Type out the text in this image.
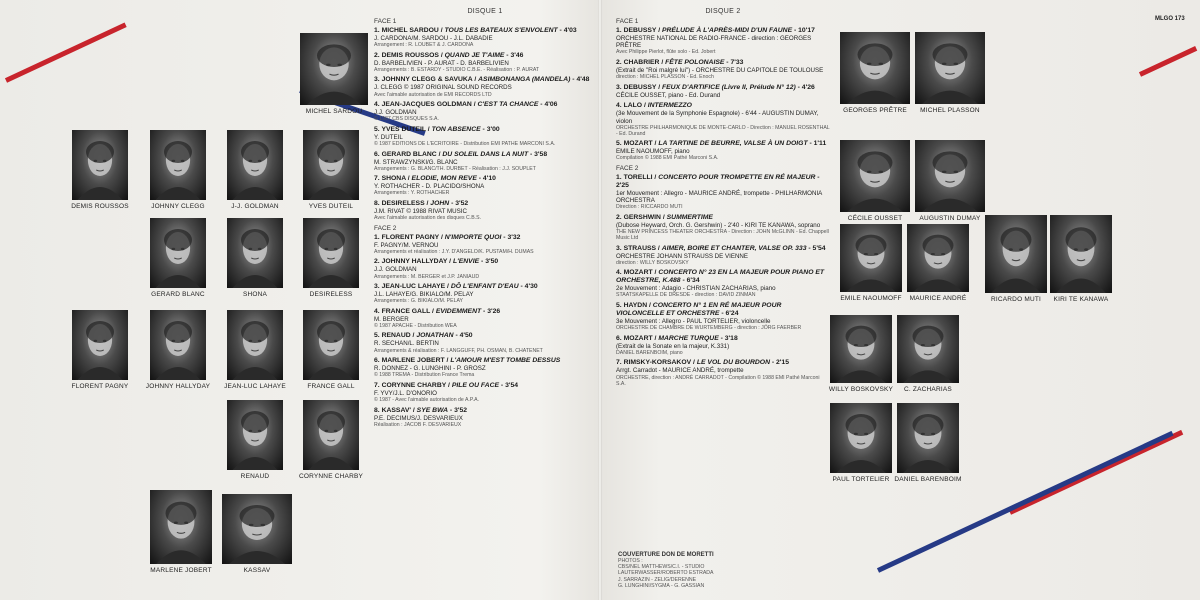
MLGO 173
MICHEL SARDOU
DEMIS ROUSSOS	JOHNNY CLEGG	J-J. GOLDMAN	YVES DUTEIL
GERARD BLANC	SHONA	DESIRELESS
FLORENT PAGNY	JOHNNY HALLYDAY	JEAN-LUC LAHAYE	FRANCE GALL
RENAUD	CORYNNE CHARBY
MARLENE JOBERT	KASSAV
GEORGES PRÊTRE	MICHEL PLASSON
CÉCILE OUSSET	AUGUSTIN DUMAY
EMILE NAOUMOFF	MAURICE ANDRÉ	RICARDO MUTI	KIRI TE KANAWA
WILLY BOSKOVSKY	C. ZACHARIAS
PAUL TORTELIER DANIEL BARENBOIM
DISQUE 1
FACE 1
1. MICHEL SARDOU / TOUS LES BATEAUX S'ENVOLENT - 4'03
J. CARDONA/M. SARDOU - J.L. DABADIE
Arrangement : R. LOUBET & J. CARDONA
2. DEMIS ROUSSOS / QUAND JE T'AIME - 3'46
D. BARBELIVIEN - P. AURAT - D. BARBELIVIEN
Arrangements : B. ESTARDY - STUDIO C.B.E. - Réalisation : P. AURAT
3. JOHNNY CLEGG & SAVUKA / ASIMBONANGA (MANDELA) - 4'48
J. CLEGG © 1987 ORIGINAL SOUND RECORDS
Avec l'aimable autorisation de EMI RECORDS LTD
4. JEAN-JACQUES GOLDMAN / C'EST TA CHANCE - 4'06
J.J. GOLDMAN
© 1987 CBS DISQUES S.A.
5. YVES DUTEIL / TON ABSENCE - 3'00
Y. DUTEIL
© 1987 EDITIONS DE L'ECRITOIRE - Distribution EMI PATHE MARCONI S.A.
6. GERARD BLANC / DU SOLEIL DANS LA NUIT - 3'58
M. STRAWZYNSKI/G. BLANC
Arrangements : G. BLANC/TH. DURBET - Réalisation : J.J. SOUPLET
7. SHONA / ELODIE, MON REVE - 4'10
Y. ROTHACHER - D. PLACIDO/SHONA
Arrangements : Y. ROTHACHER
8. DESIRELESS / JOHN - 3'52
J.M. RIVAT © 1988 RIVAT MUSIC
Avec l'aimable autorisation des disques C.B.S.
FACE 2
1. FLORENT PAGNY / N'IMPORTE QUOI - 3'32
F. PAGNY/M. VERNOU
Arrangements et réalisation : J.Y. D'ANGELO/K. PUSTAM/H. DUMAS
2. JOHNNY HALLYDAY / L'ENVIE - 3'50
J.J. GOLDMAN
Arrangements : M. BERGER et J.P. JANIAUD
3. JEAN-LUC LAHAYE / DÔ L'ENFANT D'EAU - 4'30
J.L. LAHAYE/G. BIKIALO/M. PELAY
Arrangements : G. BIKIALO/M. PELAY
4. FRANCE GALL / EVIDEMMENT - 3'26
M. BERGER
© 1987 APACHE - Distribution WEA
5. RENAUD / JONATHAN - 4'50
R. SECHAN/L. BERTIN
Arrangements & réalisation : F. LANGGUFF, PH. OSMAN, B. CHATENET
6. MARLENE JOBERT / L'AMOUR M'EST TOMBE DESSUS
R. DONNEZ - G. LUNGHINI - P. GROSZ
© 1988 TREMA - Distribution France Trema
7. CORYNNE CHARBY / PILE OU FACE - 3'54
F. YVY/J.L. D'ONORIO
© 1987 - Avec l'aimable autorisation de A.P.A.
8. KASSAV' / SYE BWA - 3'52
P.E. DECIMUS/J. DESVARIEUX
Réalisation : JACOB F. DESVARIEUX
DISQUE 2
FACE 1
1. DEBUSSY / PRÉLUDE À L'APRÈS-MIDI D'UN FAUNE - 10'17
ORCHESTRE NATIONAL DE RADIO-FRANCE - direction : GEORGES PRÊTRE
Avec Philippe Pierlot, flûte solo - Ed. Jobert
2. CHABRIER / FÊTE POLONAISE - 7'33
(Extrait de "Roi malgré lui") - ORCHESTRE DU CAPITOLE DE TOULOUSE
direction : MICHEL PLASSON - Ed. Enoch
3. DEBUSSY / FEUX D'ARTIFICE (Livre II, Prélude N° 12) - 4'26
CÉCILE OUSSET, piano - Ed. Durand
4. LALO / INTERMEZZO
(3e Mouvement de la Symphonie Espagnole) - 6'44 - AUGUSTIN DUMAY, violon
ORCHESTRE PHILHARMONIQUE DE MONTE-CARLO - Direction : MANUEL ROSENTHAL - Ed. Durand
5. MOZART / LA TARTINE DE BEURRE, VALSE À UN DOIGT - 1'11
EMILE NAOUMOFF, piano
Compilation © 1988 EMI Pathé Marconi S.A.
FACE 2
1. TORELLI / CONCERTO POUR TROMPETTE EN RÉ MAJEUR - 2'25
1er Mouvement : Allegro - MAURICE ANDRÉ, trompette - PHILHARMONIA ORCHESTRA
Direction : RICCARDO MUTI
2. GERSHWIN / SUMMERTIME
(Dubose Heyward, Orch. G. Gershwin) - 2'40 - KIRI TE KANAWA, soprano
THE NEW PRINCESS THEATER ORCHESTRA - Direction : JOHN McGLINN - Ed. Chappell Music Ltd
3. STRAUSS / AIMER, BOIRE ET CHANTER, VALSE OP. 333 - 5'54
ORCHESTRE JOHANN STRAUSS DE VIENNE
direction : WILLY BOSKOVSKY
4. MOZART / CONCERTO N° 23 EN LA MAJEUR POUR PIANO ET ORCHESTRE, K.488 - 6'34
2e Mouvement : Adagio - CHRISTIAN ZACHARIAS, piano
STAATSKAPELLE DE DRESDE - direction : DAVID ZINMAN
5. HAYDN / CONCERTO N° 1 EN RÉ MAJEUR POUR VIOLONCELLE ET ORCHESTRE - 6'24
3e Mouvement : Allegro - PAUL TORTELIER, violoncelle
ORCHESTRE DE CHAMBRE DE WURTEMBERG - direction : JÖRG FAERBER
6. MOZART / MARCHE TURQUE - 3'18
(Extrait de la Sonate en la majeur, K.331)
DANIEL BARENBOIM, piano
7. RIMSKY-KORSAKOV / LE VOL DU BOURDON - 2'15
Arrgt. Carradot - MAURICE ANDRÉ, trompette
ORCHESTRE, direction : ANDRÉ CARRADOT - Compilation © 1988 EMI Pathé Marconi S.A.
COUVERTURE DON DE MORETTI
PHOTOS :
CBS/NEL MATTHEWS/C.I. - STUDIO
LAUTERWASSER/ROBERTO ESTRADA
J. SARRAZIN - ZELIG/DERENNE
G. LUNGHINI/SYGMA - G. GASSIAN
